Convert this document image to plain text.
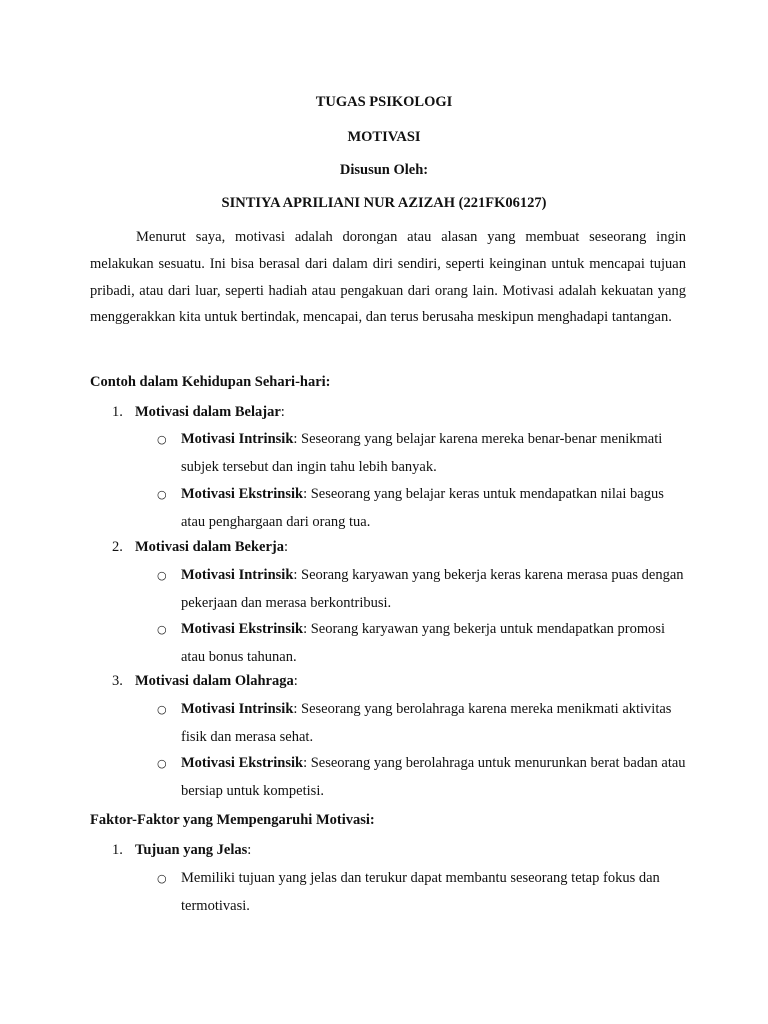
TUGAS PSIKOLOGI
MOTIVASI
Disusun Oleh:
SINTIYA APRILIANI NUR AZIZAH (221FK06127)
Menurut saya, motivasi adalah dorongan atau alasan yang membuat seseorang ingin melakukan sesuatu. Ini bisa berasal dari dalam diri sendiri, seperti keinginan untuk mencapai tujuan pribadi, atau dari luar, seperti hadiah atau pengakuan dari orang lain. Motivasi adalah kekuatan yang menggerakkan kita untuk bertindak, mencapai, dan terus berusaha meskipun menghadapi tantangan.
Contoh dalam Kehidupan Sehari-hari:
1. Motivasi dalam Belajar:
○ Motivasi Intrinsik: Seseorang yang belajar karena mereka benar-benar menikmati subjek tersebut dan ingin tahu lebih banyak.
○ Motivasi Ekstrinsik: Seseorang yang belajar keras untuk mendapatkan nilai bagus atau penghargaan dari orang tua.
2. Motivasi dalam Bekerja:
○ Motivasi Intrinsik: Seorang karyawan yang bekerja keras karena merasa puas dengan pekerjaan dan merasa berkontribusi.
○ Motivasi Ekstrinsik: Seorang karyawan yang bekerja untuk mendapatkan promosi atau bonus tahunan.
3. Motivasi dalam Olahraga:
○ Motivasi Intrinsik: Seseorang yang berolahraga karena mereka menikmati aktivitas fisik dan merasa sehat.
○ Motivasi Ekstrinsik: Seseorang yang berolahraga untuk menurunkan berat badan atau bersiap untuk kompetisi.
Faktor-Faktor yang Mempengaruhi Motivasi:
1. Tujuan yang Jelas:
○ Memiliki tujuan yang jelas dan terukur dapat membantu seseorang tetap fokus dan termotivasi.
